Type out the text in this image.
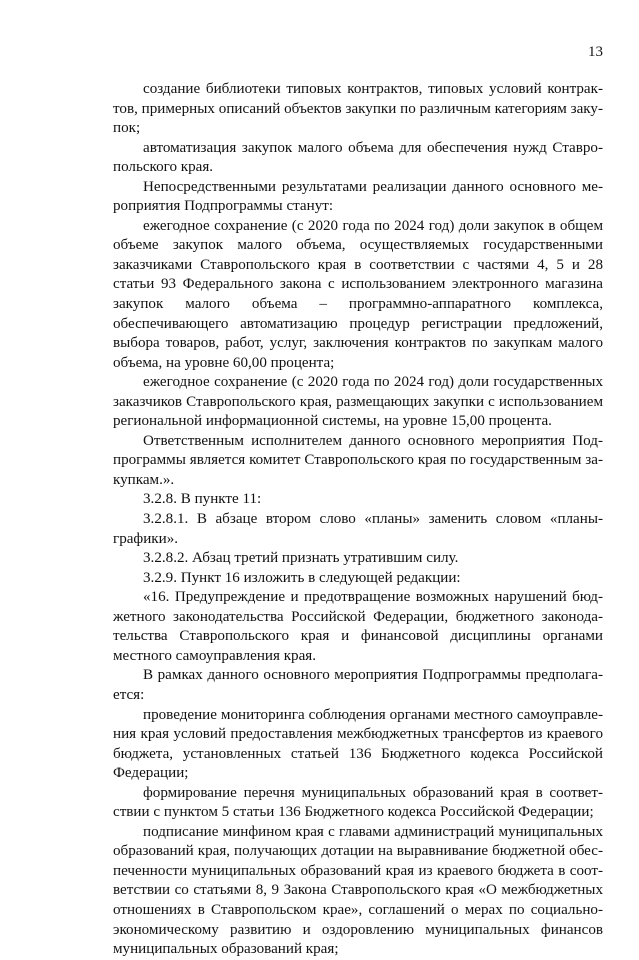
13

создание библиотеки типовых контрактов, типовых условий контрактов, примерных описаний объектов закупки по различным категориям закупок;

автоматизация закупок малого объема для обеспечения нужд Ставропольского края.

Непосредственными результатами реализации данного основного мероприятия Подпрограммы станут:

ежегодное сохранение (с 2020 года по 2024 год) доли закупок в общем объеме закупок малого объема, осуществляемых государственными заказчиками Ставропольского края в соответствии с частями 4, 5 и 28 статьи 93 Федерального закона с использованием электронного магазина закупок малого объема – программно-аппаратного комплекса, обеспечивающего автоматизацию процедур регистрации предложений, выбора товаров, работ, услуг, заключения контрактов по закупкам малого объема, на уровне 60,00 процента;

ежегодное сохранение (с 2020 года по 2024 год) доли государственных заказчиков Ставропольского края, размещающих закупки с использованием региональной информационной системы, на уровне 15,00 процента.

Ответственным исполнителем данного основного мероприятия Подпрограммы является комитет Ставропольского края по государственным закупкам.».

3.2.8. В пункте 11:

3.2.8.1. В абзаце втором слово «планы» заменить словом «планы-графики».

3.2.8.2. Абзац третий признать утратившим силу.

3.2.9. Пункт 16 изложить в следующей редакции:

«16. Предупреждение и предотвращение возможных нарушений бюджетного законодательства Российской Федерации, бюджетного законодательства Ставропольского края и финансовой дисциплины органами местного самоуправления края.

В рамках данного основного мероприятия Подпрограммы предполагается:

проведение мониторинга соблюдения органами местного самоуправления края условий предоставления межбюджетных трансфертов из краевого бюджета, установленных статьей 136 Бюджетного кодекса Российской Федерации;

формирование перечня муниципальных образований края в соответствии с пунктом 5 статьи 136 Бюджетного кодекса Российской Федерации;

подписание минфином края с главами администраций муниципальных образований края, получающих дотации на выравнивание бюджетной обеспеченности муниципальных образований края из краевого бюджета в соответствии со статьями 8, 9 Закона Ставропольского края «О межбюджетных отношениях в Ставропольском крае», соглашений о мерах по социально-экономическому развитию и оздоровлению муниципальных финансов муниципальных образований края;
